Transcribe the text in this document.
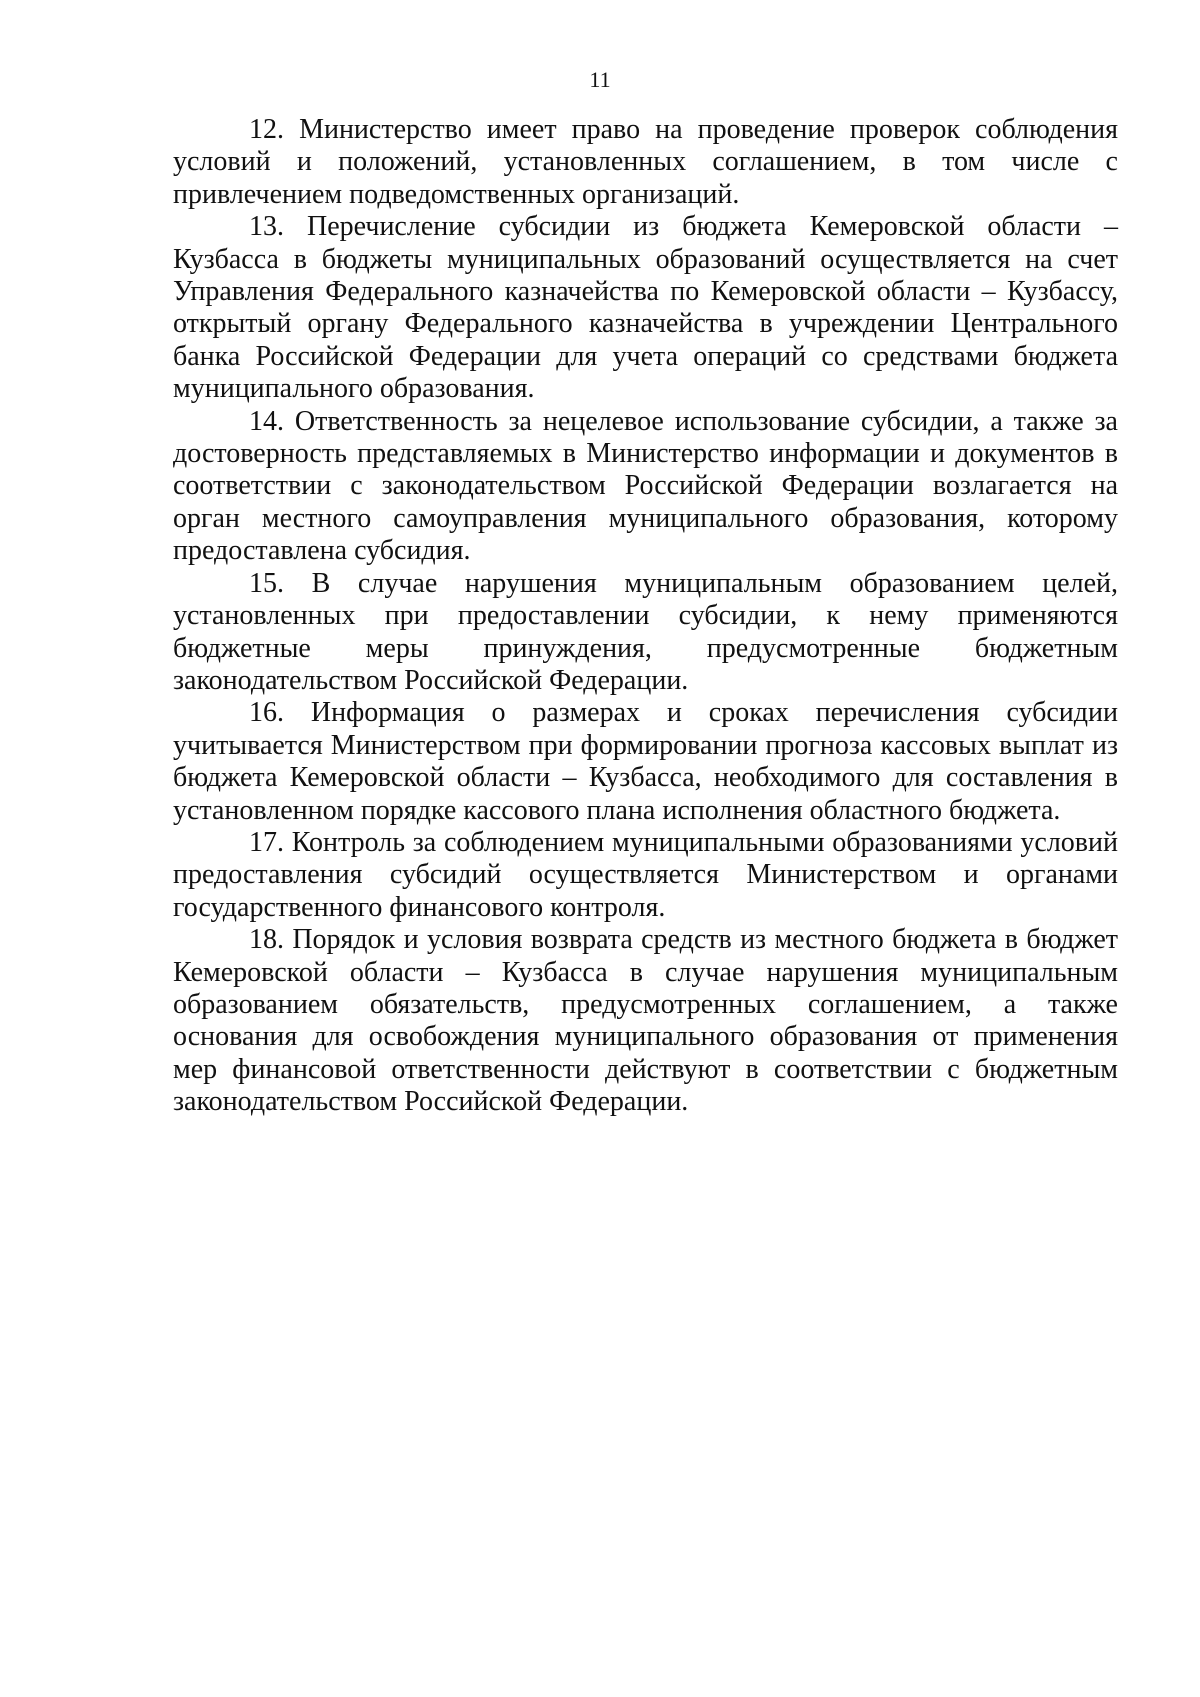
11

12. Министерство имеет право на проведение проверок соблюдения условий и положений, установленных соглашением, в том числе с привлечением подведомственных организаций.

13. Перечисление субсидии из бюджета Кемеровской области – Кузбасса в бюджеты муниципальных образований осуществляется на счет Управления Федерального казначейства по Кемеровской области – Кузбассу, открытый органу Федерального казначейства в учреждении Центрального банка Российской Федерации для учета операций со средствами бюджета муниципального образования.

14. Ответственность за нецелевое использование субсидии, а также за достоверность представляемых в Министерство информации и документов в соответствии с законодательством Российской Федерации возлагается на орган местного самоуправления муниципального образования, которому предоставлена субсидия.

15. В случае нарушения муниципальным образованием целей, установленных при предоставлении субсидии, к нему применяются бюджетные меры принуждения, предусмотренные бюджетным законодательством Российской Федерации.

16. Информация о размерах и сроках перечисления субсидии учитывается Министерством при формировании прогноза кассовых выплат из бюджета Кемеровской области – Кузбасса, необходимого для составления в установленном порядке кассового плана исполнения областного бюджета.

17. Контроль за соблюдением муниципальными образованиями условий предоставления субсидий осуществляется Министерством и органами государственного финансового контроля.

18. Порядок и условия возврата средств из местного бюджета в бюджет Кемеровской области – Кузбасса в случае нарушения муниципальным образованием обязательств, предусмотренных соглашением, а также основания для освобождения муниципального образования от применения мер финансовой ответственности действуют в соответствии с бюджетным законодательством Российской Федерации.
